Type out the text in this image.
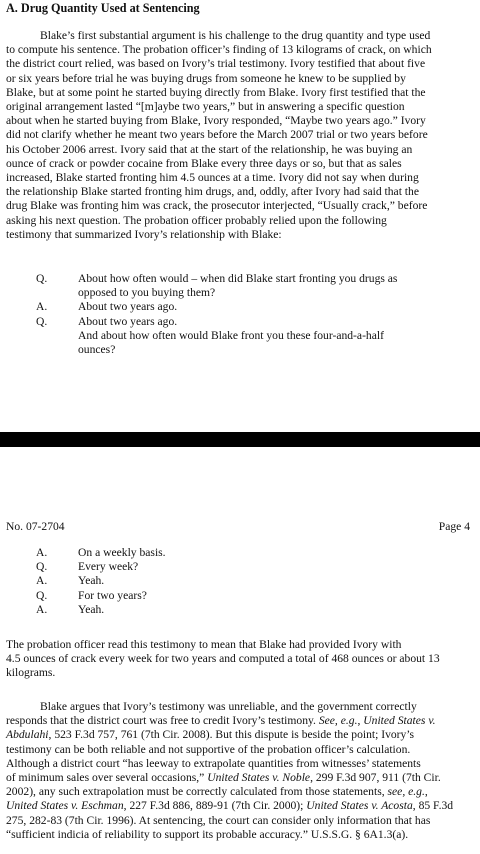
A. Drug Quantity Used at Sentencing
Blake’s first substantial argument is his challenge to the drug quantity and type used
to compute his sentence. The probation officer’s finding of 13 kilograms of crack, on which
the district court relied, was based on Ivory’s trial testimony. Ivory testified that about five
or six years before trial he was buying drugs from someone he knew to be supplied by
Blake, but at some point he started buying directly from Blake. Ivory first testified that the
original arrangement lasted “[m]aybe two years,” but in answering a specific question
about when he started buying from Blake, Ivory responded, “Maybe two years ago.” Ivory
did not clarify whether he meant two years before the March 2007 trial or two years before
his October 2006 arrest. Ivory said that at the start of the relationship, he was buying an
ounce of crack or powder cocaine from Blake every three days or so, but that as sales
increased, Blake started fronting him 4.5 ounces at a time. Ivory did not say when during
the relationship Blake started fronting him drugs, and, oddly, after Ivory had said that the
drug Blake was fronting him was crack, the prosecutor interjected, “Usually crack,” before
asking his next question. The probation officer probably relied upon the following
testimony that summarized Ivory’s relationship with Blake:
Q.	About how often would – when did Blake start fronting you drugs as
opposed to you buying them?
A.	About two years ago.
Q.	About two years ago.
And about how often would Blake front you these four-and-a-half
ounces?
No. 07-2704	Page 4
A.	On a weekly basis.
Q.	Every week?
A.	Yeah.
Q.	For two years?
A.	Yeah.
The probation officer read this testimony to mean that Blake had provided Ivory with
4.5 ounces of crack every week for two years and computed a total of 468 ounces or about 13
kilograms.
Blake argues that Ivory’s testimony was unreliable, and the government correctly
responds that the district court was free to credit Ivory’s testimony. See, e.g., United States v.
Abdulahi, 523 F.3d 757, 761 (7th Cir. 2008). But this dispute is beside the point; Ivory’s
testimony can be both reliable and not supportive of the probation officer’s calculation.
Although a district court “has leeway to extrapolate quantities from witnesses’ statements
of minimum sales over several occasions,” United States v. Noble, 299 F.3d 907, 911 (7th Cir.
2002), any such extrapolation must be correctly calculated from those statements, see, e.g.,
United States v. Eschman, 227 F.3d 886, 889-91 (7th Cir. 2000); United States v. Acosta, 85 F.3d
275, 282-83 (7th Cir. 1996). At sentencing, the court can consider only information that has
“sufficient indicia of reliability to support its probable accuracy.” U.S.S.G. § 6A1.3(a).
